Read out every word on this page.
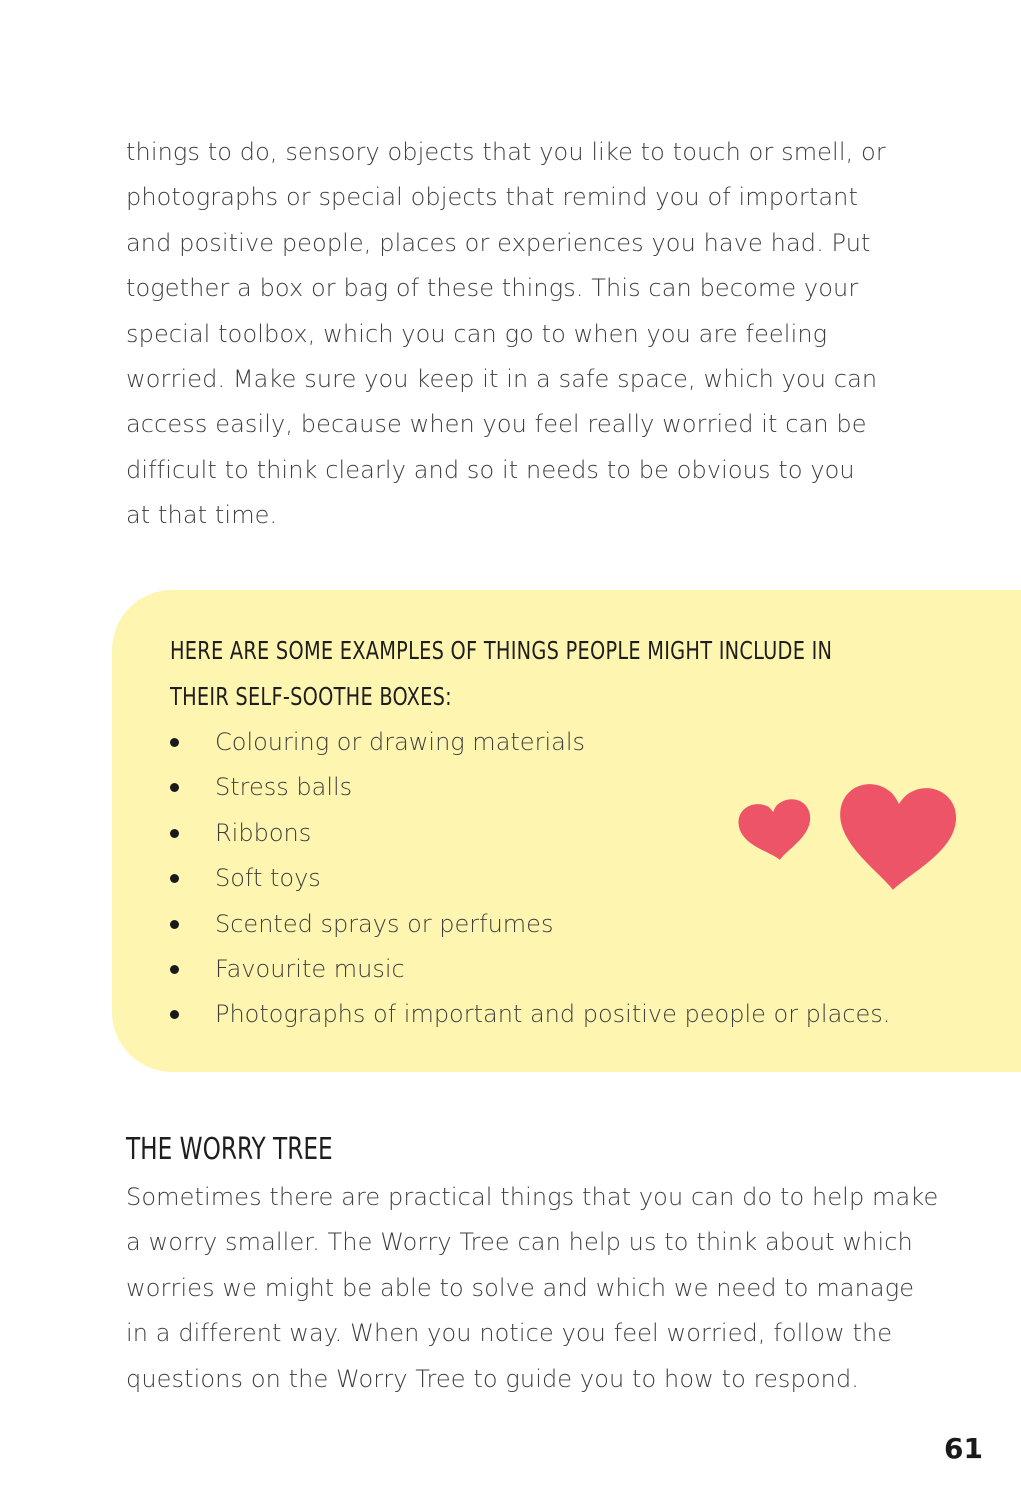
things to do, sensory objects that you like to touch or smell, or
photographs or special objects that remind you of important
and positive people, places or experiences you have had. Put
together a box or bag of these things. This can become your
special toolbox, which you can go to when you are feeling
worried. Make sure you keep it in a safe space, which you can
access easily, because when you feel really worried it can be
difficult to think clearly and so it needs to be obvious to you
at that time.

HERE ARE SOME EXAMPLES OF THINGS PEOPLE MIGHT INCLUDE IN
THEIR SELF-SOOTHE BOXES:
Colouring or drawing materials
Stress balls
Ribbons
Soft toys
Scented sprays or perfumes
Favourite music
Photographs of important and positive people or places.
THE WORRY TREE

Sometimes there are practical things that you can do to help make
a worry smaller. The Worry Tree can help us to think about which
worries we might be able to solve and which we need to manage
in a different way. When you notice you feel worried, follow the
questions on the Worry Tree to guide you to how to respond.

61
